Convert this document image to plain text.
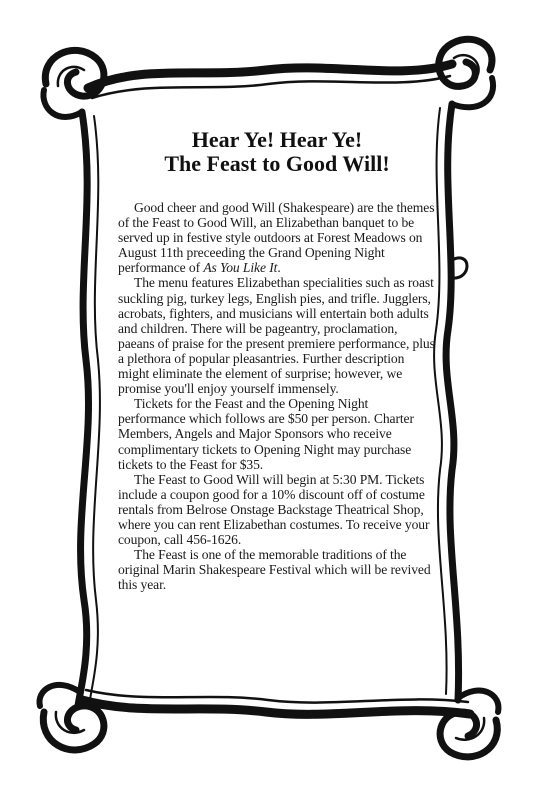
Hear Ye! Hear Ye!
The Feast to Good Will!

Good cheer and good Will (Shakespeare) are the themes of the Feast to Good Will, an Elizabethan banquet to be served up in festive style outdoors at Forest Meadows on August 11th preceeding the Grand Opening Night performance of As You Like It.

The menu features Elizabethan specialities such as roast suckling pig, turkey legs, English pies, and trifle. Jugglers, acrobats, fighters, and musicians will entertain both adults and children. There will be pageantry, proclamation, paeans of praise for the present premiere performance, plus a plethora of popular pleasantries. Further description might eliminate the element of surprise; however, we promise you'll enjoy yourself immensely.

Tickets for the Feast and the Opening Night performance which follows are $50 per person. Charter Members, Angels and Major Sponsors who receive complimentary tickets to Opening Night may purchase tickets to the Feast for $35.

The Feast to Good Will will begin at 5:30 PM. Tickets include a coupon good for a 10% discount off of costume rentals from Belrose Onstage Backstage Theatrical Shop, where you can rent Elizabethan costumes. To receive your coupon, call 456-1626.

The Feast is one of the memorable traditions of the original Marin Shakespeare Festival which will be revived this year.
